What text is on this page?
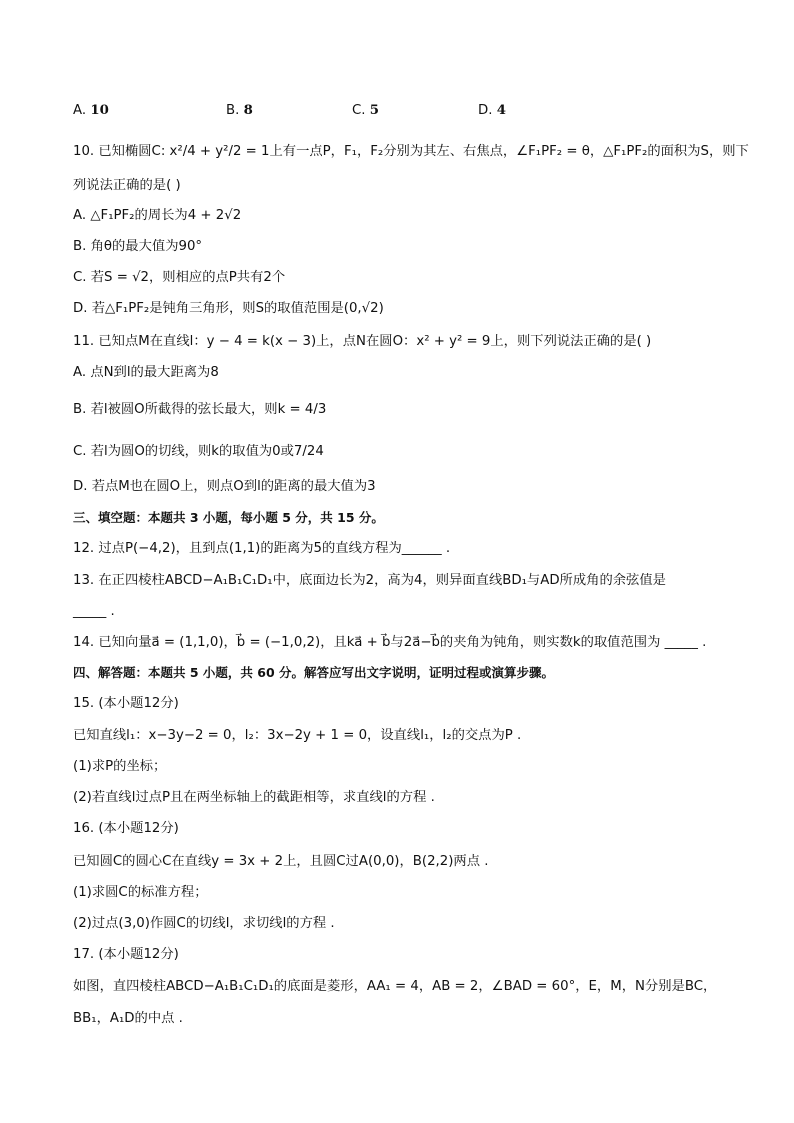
A. 10	B. 8	C. 5	D. 4
10. 已知椭圆C: x²/4 + y²/2 = 1上有一点P，F₁，F₂分别为其左、右焦点，∠F₁PF₂ = θ，△F₁PF₂的面积为S，则下
列说法正确的是( )
A. △F₁PF₂的周长为4 + 2√2
B. 角θ的最大值为90°
C. 若S = √2，则相应的点P共有2个
D. 若△F₁PF₂是钝角三角形，则S的取值范围是(0,√2)
11. 已知点M在直线l：y − 4 = k(x − 3)上，点N在圆O：x² + y² = 9上，则下列说法正确的是( )
A. 点N到l的最大距离为8
B. 若l被圆O所截得的弦长最大，则k = 4/3
C. 若l为圆O的切线，则k的取值为0或7/24
D. 若点M也在圆O上，则点O到l的距离的最大值为3
三、填空题：本题共 3 小题，每小题 5 分，共 15 分。
12. 过点P(−4,2)，且到点(1,1)的距离为5的直线方程为______ .
13. 在正四棱柱ABCD−A₁B₁C₁D₁中，底面边长为2，高为4，则异面直线BD₁与AD所成角的余弦值是
_____ .
14. 已知向量a⃗ = (1,1,0)，b⃗ = (−1,0,2)，且ka⃗ + b⃗与2a⃗−b⃗的夹角为钝角，则实数k的取值范围为 _____ .
四、解答题：本题共 5 小题，共 60 分。解答应写出文字说明，证明过程或演算步骤。
15. (本小题12分)
已知直线l₁：x−3y−2 = 0，l₂：3x−2y + 1 = 0，设直线l₁，l₂的交点为P .
(1)求P的坐标；
(2)若直线l过点P且在两坐标轴上的截距相等，求直线l的方程 .
16. (本小题12分)
已知圆C的圆心C在直线y = 3x + 2上，且圆C过A(0,0)，B(2,2)两点 .
(1)求圆C的标准方程；
(2)过点(3,0)作圆C的切线l，求切线l的方程 .
17. (本小题12分)
如图，直四棱柱ABCD−A₁B₁C₁D₁的底面是菱形，AA₁ = 4，AB = 2，∠BAD = 60°，E，M，N分别是BC，
BB₁，A₁D的中点 .
